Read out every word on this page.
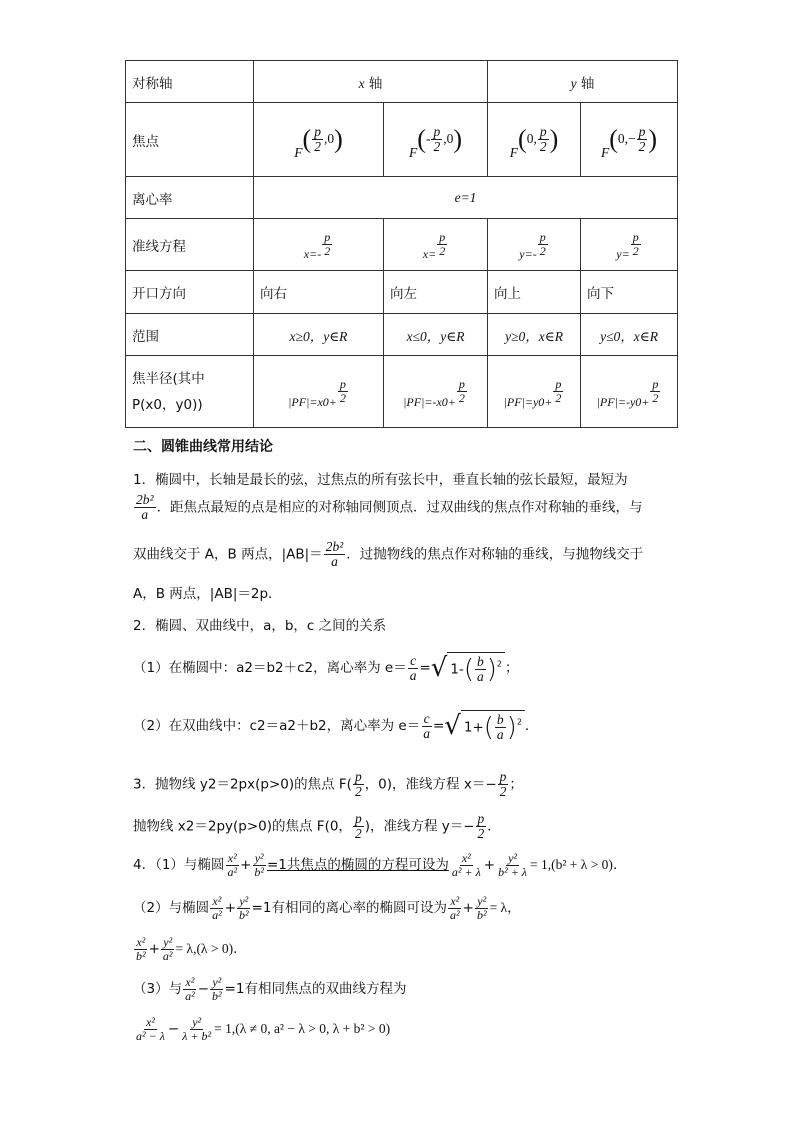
对称轴	x 轴		y 轴	
焦点	$F( \frac{p}{2} ,0)$	$F(- \frac{p}{2} ,0)$	F(0, $\frac{p}{2}$ )	$F(0,- \frac{p}{2}$ )
离心率	e=1			
准线方程	$x=- \frac{p}{2}$	$x= \frac{p}{2}$	$y=- \frac{p}{2}$	$y= \frac{p}{2}$

开口方向	向右	向左	向上	向下
范围	x≥0，y∈R	x≤0，y∈R	y≥0，x∈R	y≤0，x∈R
焦半径(其中 P(x0，y0))	$|PF|=x0+ \frac{p}{2}$	$|PF|=-x0+ \frac{p}{2}$	$|PF|=y0+ \frac{p}{2}$	$|PF|=-y0+ \frac{p}{2}$
二、圆锥曲线常用结论
1．椭圆中，长轴是最长的弦，过焦点的所有弦长中，垂直长轴的弦长最短，最短为
$\frac{\text{2b²}}{a}$ ．距焦点最短的点是相应的对称轴同侧顶点．过双曲线的焦点作对称轴的垂线，与
双曲线交于 A，B 两点，$|AB|= \frac{\text{2b²}}{a}$ ．过抛物线的焦点作对称轴的垂线，与抛物线交于
A，B 两点，|AB|＝2p．
2．椭圆、双曲线中，a，b，c 之间的关系
（1）在椭圆中：a2＝b2＋c2，离心率为 $e= \frac{c}{a}$ =√ $1-( \frac{b}{a} )^2$ ；
（2）在双曲线中：c2＝a2＋b2，离心率为 $e= \frac{c}{a}$ =√ $1+( \frac{b}{a} )^2$ ．
3．抛物线 y2＝2px(p>0)的焦点 $F( \frac{p}{2}$ ，0)，准线方程 $x=- \frac{p}{2}$ ；
抛物线 x2＝2py(p>0)的焦点 F(0， $\frac{p}{2}$ )，准线方程 $y=- \frac{p}{2}$ ．
4．（1）与椭圆 $\frac{\text{x²}}{\text{a²}} + \frac{\text{y²}}{\text{b²}} =1$共焦点的椭圆的方程可设为 $\frac{\text{x²}}{\text{a² + λ}} + \frac{\text{y²}}{\text{b² + λ}} = 1,(b^2 + \lambda > 0)$．
（2）与椭圆 $\frac{\text{x²}}{\text{a²}} + \frac{\text{y²}}{\text{b²}} =1$有相同的离心率的椭圆可设为 $\frac{\text{x²}}{\text{a²}} + \frac{\text{y²}}{\text{b²}} = \lambda$，
$\frac{\text{x²}}{\text{b²}} + \frac{\text{y²}}{\text{a²}} = \lambda,(\lambda > 0)$．
（3）与 $\frac{\text{x²}}{\text{a²}} - \frac{\text{y²}}{\text{b²}} =1$有相同焦点的双曲线方程为
$\frac{\text{x²}}{\text{a² − λ}} - \frac{\text{y²}}{\text{λ + b²}} = 1,(\lambda \ne 0$, a² − λ > 0, λ + b² > 0)
